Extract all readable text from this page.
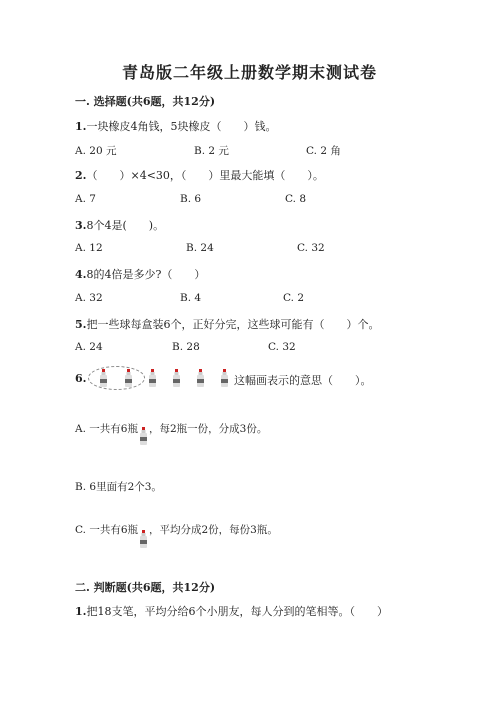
青岛版二年级上册数学期末测试卷
一. 选择题(共6题，共12分)
1.一块橡皮4角钱，5块橡皮（　　）钱。
A. 20 元	B. 2 元	C. 2 角
2.（　　）×4<30，（　　）里最大能填（　　）。
A. 7	B. 6	C. 8
3.8个4是(　　)。
A. 12	B. 24	C. 32
4.8的4倍是多少?（　　）
A. 32	B. 4	C. 2
5.把一些球每盒装6个，正好分完，这些球可能有（　　）个。
A. 24	B. 28	C. 32
6.	这幅画表示的意思（　　）。
A. 一共有6瓶 ，每2瓶一份，分成3份。
B. 6里面有2个3。
C. 一共有6瓶 ，平均分成2份，每份3瓶。
二. 判断题(共6题，共12分)
1.把18支笔，平均分给6个小朋友，每人分到的笔相等。（　　）
